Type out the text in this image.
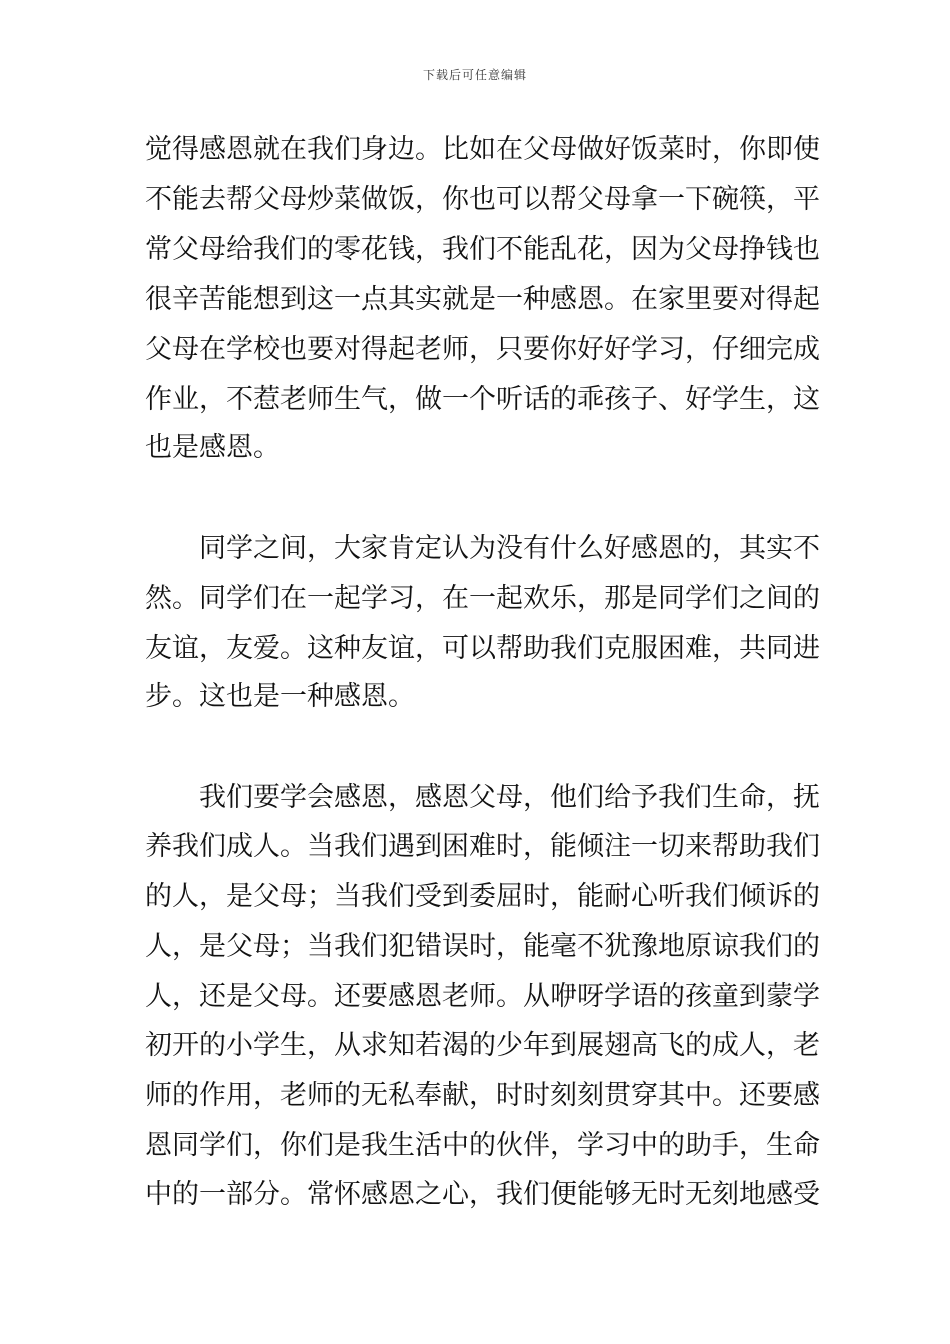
下载后可任意编辑
觉得感恩就在我们身边。比如在父母做好饭菜时，你即使
不能去帮父母炒菜做饭，你也可以帮父母拿一下碗筷，平
常父母给我们的零花钱，我们不能乱花，因为父母挣钱也
很辛苦能想到这一点其实就是一种感恩。在家里要对得起
父母在学校也要对得起老师，只要你好好学习，仔细完成
作业，不惹老师生气，做一个听话的乖孩子、好学生，这
也是感恩。
同学之间，大家肯定认为没有什么好感恩的，其实不
然。同学们在一起学习，在一起欢乐，那是同学们之间的
友谊，友爱。这种友谊，可以帮助我们克服困难，共同进
步。这也是一种感恩。
我们要学会感恩，感恩父母，他们给予我们生命，抚
养我们成人。当我们遇到困难时，能倾注一切来帮助我们
的人，是父母；当我们受到委屈时，能耐心听我们倾诉的
人，是父母；当我们犯错误时，能毫不犹豫地原谅我们的
人，还是父母。还要感恩老师。从咿呀学语的孩童到蒙学
初开的小学生，从求知若渴的少年到展翅高飞的成人，老
师的作用，老师的无私奉献，时时刻刻贯穿其中。还要感
恩同学们，你们是我生活中的伙伴，学习中的助手，生命
中的一部分。常怀感恩之心，我们便能够无时无刻地感受
